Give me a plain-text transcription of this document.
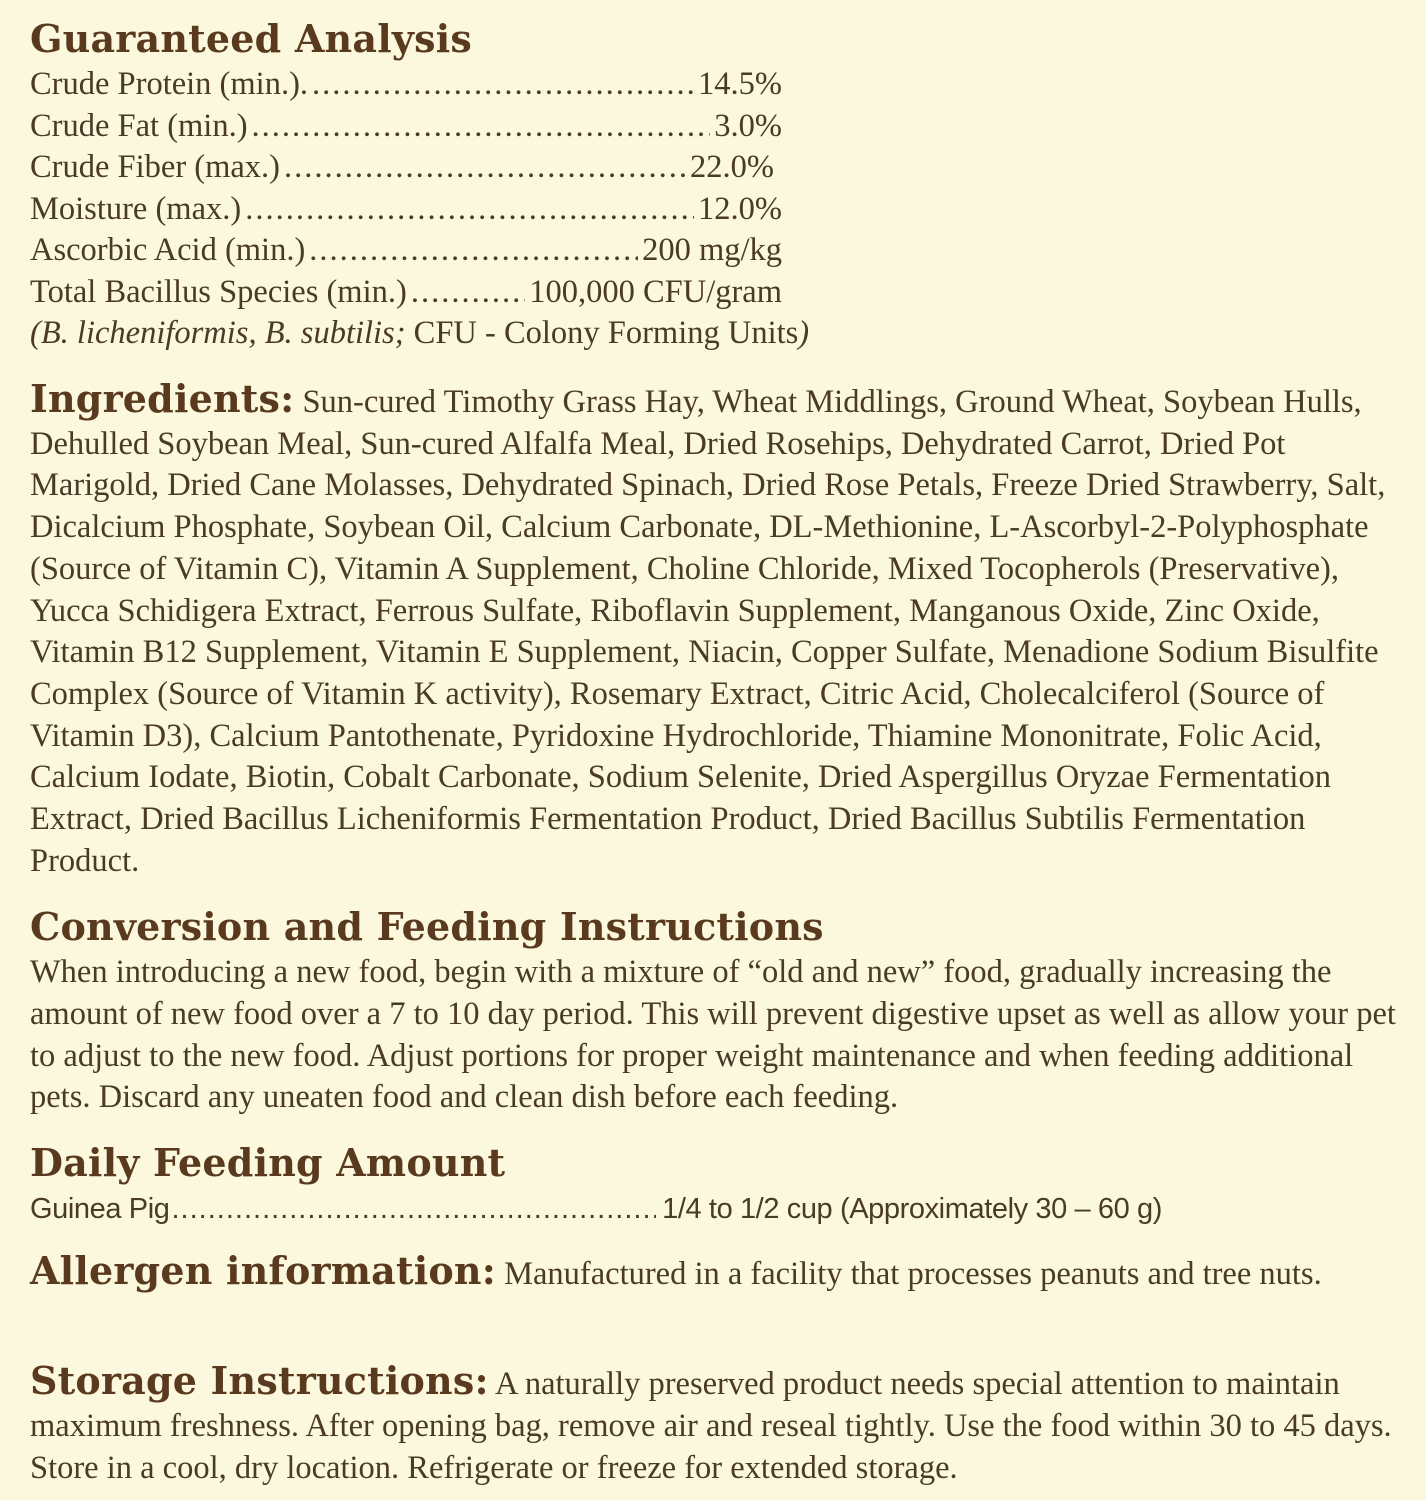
Guaranteed Analysis
Crude Protein (min.). .....	14.5%
Crude Fat (min.) .....	3.0%
Crude Fiber (max.) .....	22.0%
Moisture (max.) .....	12.0%
Ascorbic Acid (min.) .....	200 mg/kg
Total Bacillus Species (min.) .....	100,000 CFU/gram
(B. licheniformis, B. subtilis; CFU - Colony Forming Units)

Ingredients: Sun-cured Timothy Grass Hay, Wheat Middlings, Ground Wheat, Soybean Hulls, Dehulled Soybean Meal, Sun-cured Alfalfa Meal, Dried Rosehips, Dehydrated Carrot, Dried Pot Marigold, Dried Cane Molasses, Dehydrated Spinach, Dried Rose Petals, Freeze Dried Strawberry, Salt, Dicalcium Phosphate, Soybean Oil, Calcium Carbonate, DL-Methionine, L-Ascorbyl-2-Polyphosphate (Source of Vitamin C), Vitamin A Supplement, Choline Chloride, Mixed Tocopherols (Preservative), Yucca Schidigera Extract, Ferrous Sulfate, Riboflavin Supplement, Manganous Oxide, Zinc Oxide, Vitamin B12 Supplement, Vitamin E Supplement, Niacin, Copper Sulfate, Menadione Sodium Bisulfite Complex (Source of Vitamin K activity), Rosemary Extract, Citric Acid, Cholecalciferol (Source of Vitamin D3), Calcium Pantothenate, Pyridoxine Hydrochloride, Thiamine Mononitrate, Folic Acid, Calcium Iodate, Biotin, Cobalt Carbonate, Sodium Selenite, Dried Aspergillus Oryzae Fermentation Extract, Dried Bacillus Licheniformis Fermentation Product, Dried Bacillus Subtilis Fermentation Product.

Conversion and Feeding Instructions

When introducing a new food, begin with a mixture of “old and new” food, gradually increasing the amount of new food over a 7 to 10 day period. This will prevent digestive upset as well as allow your pet to adjust to the new food. Adjust portions for proper weight maintenance and when feeding additional pets. Discard any uneaten food and clean dish before each feeding.

Daily Feeding Amount
Guinea Pig .....	1/4 to 1/2 cup (Approximately 30 – 60 g)

Allergen information: Manufactured in a facility that processes peanuts and tree nuts.

Storage Instructions: A naturally preserved product needs special attention to maintain maximum freshness. After opening bag, remove air and reseal tightly. Use the food within 30 to 45 days. Store in a cool, dry location. Refrigerate or freeze for extended storage.
